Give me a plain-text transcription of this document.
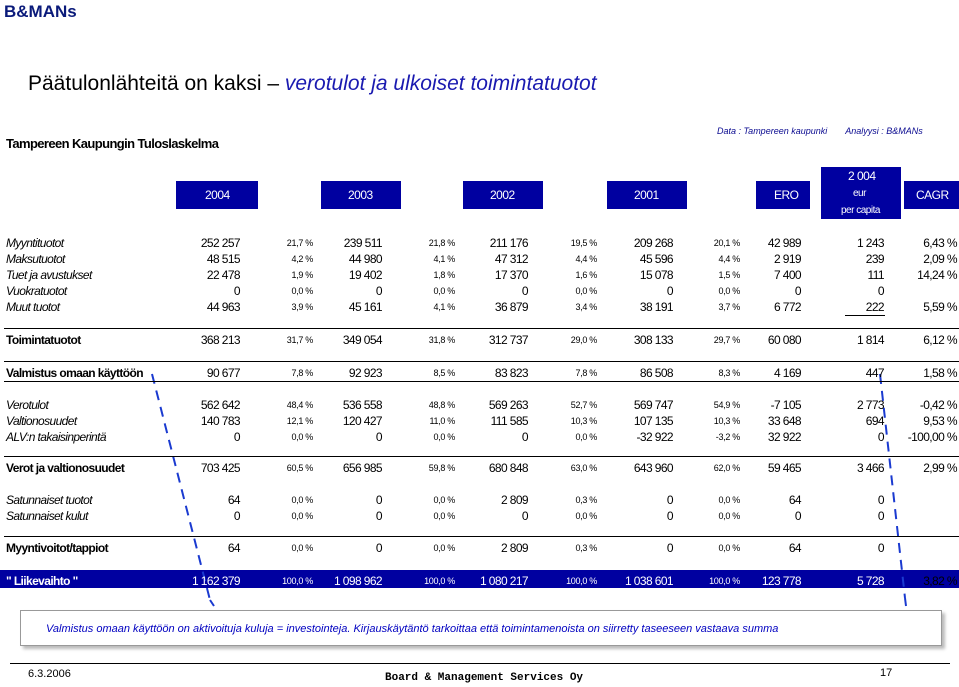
B&MANs
Päätulonlähteitä on kaksi – verotulot ja ulkoiset toimintatuotot
Tampereen Kaupungin Tuloslaskelma
Data : Tampereen kaupunki Analyysi : B&MANs
2004	2003	2002	2001	ERO	CAGR
2 004
eur
per capita
Myyntituotot	252 257	21,7 %	239 511	21,8 %	211 176	19,5 %	209 268	20,1 %	42 989	1 243	6,43 %
Maksutuotot	48 515	4,2 %	44 980	4,1 %	47 312	4,4 %	45 596	4,4 %	2 919	239	2,09 %
Tuet ja avustukset	22 478	1,9 %	19 402	1,8 %	17 370	1,6 %	15 078	1,5 %	7 400	111	14,24 %
Vuokratuotot	0	0,0 %	0	0,0 %	0	0,0 %	0	0,0 %	0	0
Muut tuotot	44 963	3,9 %	45 161	4,1 %	36 879	3,4 %	38 191	3,7 %	6 772	222	5,59 %
Toimintatuotot	368 213	31,7 %	349 054	31,8 %	312 737	29,0 %	308 133	29,7 %	60 080	1 814	6,12 %
Valmistus omaan käyttöön	90 677	7,8 %	92 923	8,5 %	83 823	7,8 %	86 508	8,3 %	4 169	447	1,58 %
Verotulot	562 642	48,4 %	536 558	48,8 %	569 263	52,7 %	569 747	54,9 %	-7 105	2 773	-0,42 %
Valtionosuudet	140 783	12,1 %	120 427	11,0 %	111 585	10,3 %	107 135	10,3 %	33 648	694	9,53 %
ALV:n takaisinperintä	0	0,0 %	0	0,0 %	0	0,0 %	-32 922	-3,2 %	32 922	0	-100,00 %
Verot ja valtionosuudet	703 425	60,5 %	656 985	59,8 %	680 848	63,0 %	643 960	62,0 %	59 465	3 466	2,99 %
Satunnaiset tuotot	64	0,0 %	0	0,0 %	2 809	0,3 %	0	0,0 %	64	0
Satunnaiset kulut	0	0,0 %	0	0,0 %	0	0,0 %	0	0,0 %	0	0
Myyntivoitot/tappiot	64	0,0 %	0	0,0 %	2 809	0,3 %	0	0,0 %	64	0
" Liikevaihto "	1 162 379	100,0 %	1 098 962	100,0 %	1 080 217	100,0 %	1 038 601	100,0 %	123 778	5 728	3,82 %
Valmistus omaan käyttöön on aktivoituja kuluja = investointeja. Kirjauskäytäntö tarkoittaa että toimintamenoista on siirretty taseeseen vastaava summa
6.3.2006	Board & Management Services Oy	17
